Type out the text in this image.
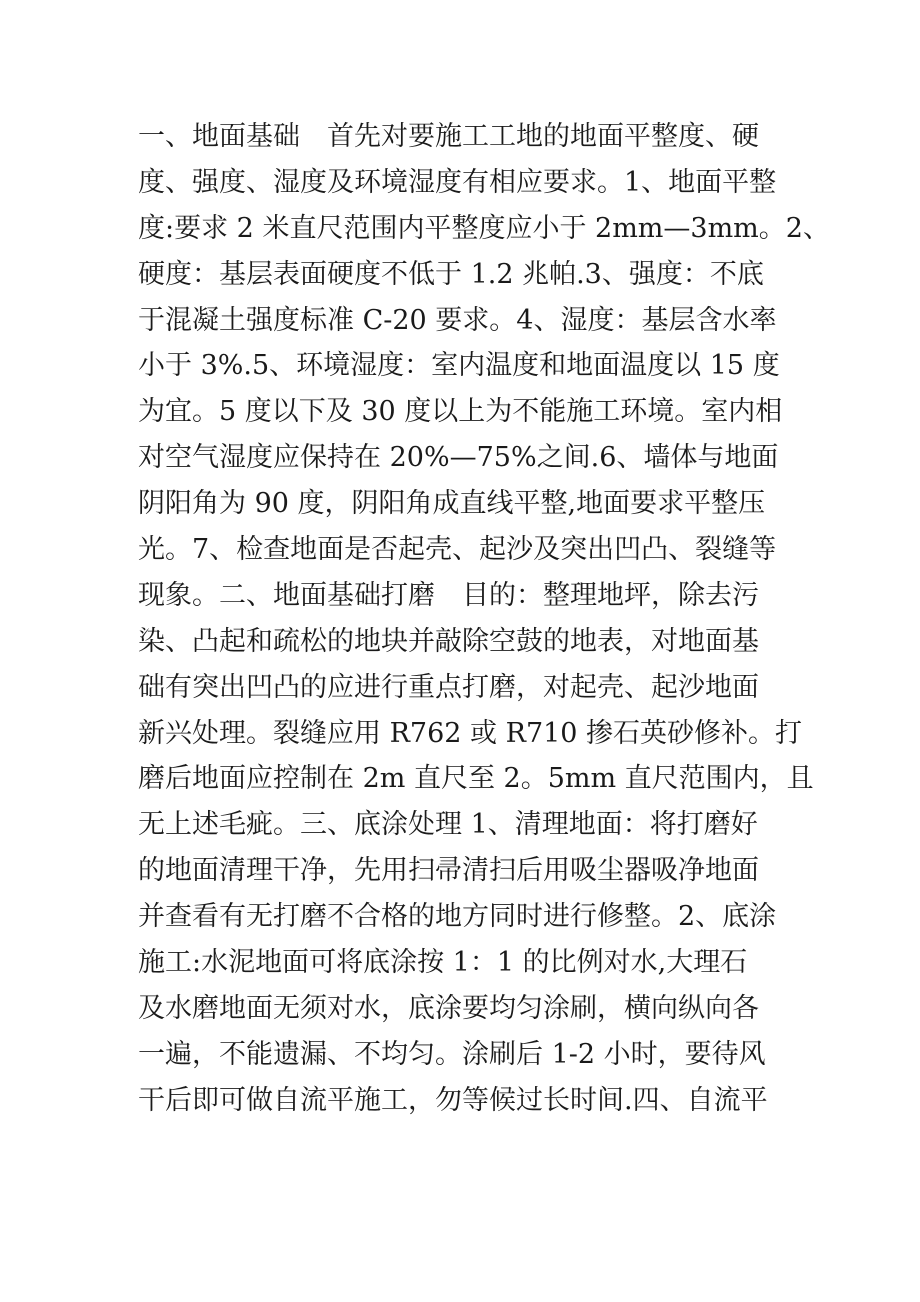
一、地面基础　首先对要施工工地的地面平整度、硬
度、强度、湿度及环境湿度有相应要求。1、地面平整
度:要求 2 米直尺范围内平整度应小于 2mm—3mm。2、
硬度：基层表面硬度不低于 1.2 兆帕.3、强度：不底
于混凝土强度标准 C-20 要求。4、湿度：基层含水率
小于 3%.5、环境湿度：室内温度和地面温度以 15 度
为宜。5 度以下及 30 度以上为不能施工环境。室内相
对空气湿度应保持在 20%—75%之间.6、墙体与地面
阴阳角为 90 度，阴阳角成直线平整,地面要求平整压
光。7、检查地面是否起壳、起沙及突出凹凸、裂缝等
现象。二、地面基础打磨　目的：整理地坪，除去污
染、凸起和疏松的地块并敲除空鼓的地表，对地面基
础有突出凹凸的应进行重点打磨，对起壳、起沙地面
新兴处理。裂缝应用 R762 或 R710 掺石英砂修补。打
磨后地面应控制在 2m 直尺至 2。5mm 直尺范围内，且
无上述毛疵。三、底涂处理 1、清理地面：将打磨好
的地面清理干净，先用扫帚清扫后用吸尘器吸净地面
并查看有无打磨不合格的地方同时进行修整。2、底涂
施工:水泥地面可将底涂按 1：1 的比例对水,大理石
及水磨地面无须对水，底涂要均匀涂刷，横向纵向各
一遍，不能遗漏、不均匀。涂刷后 1-2 小时，要待风
干后即可做自流平施工，勿等候过长时间.四、自流平
